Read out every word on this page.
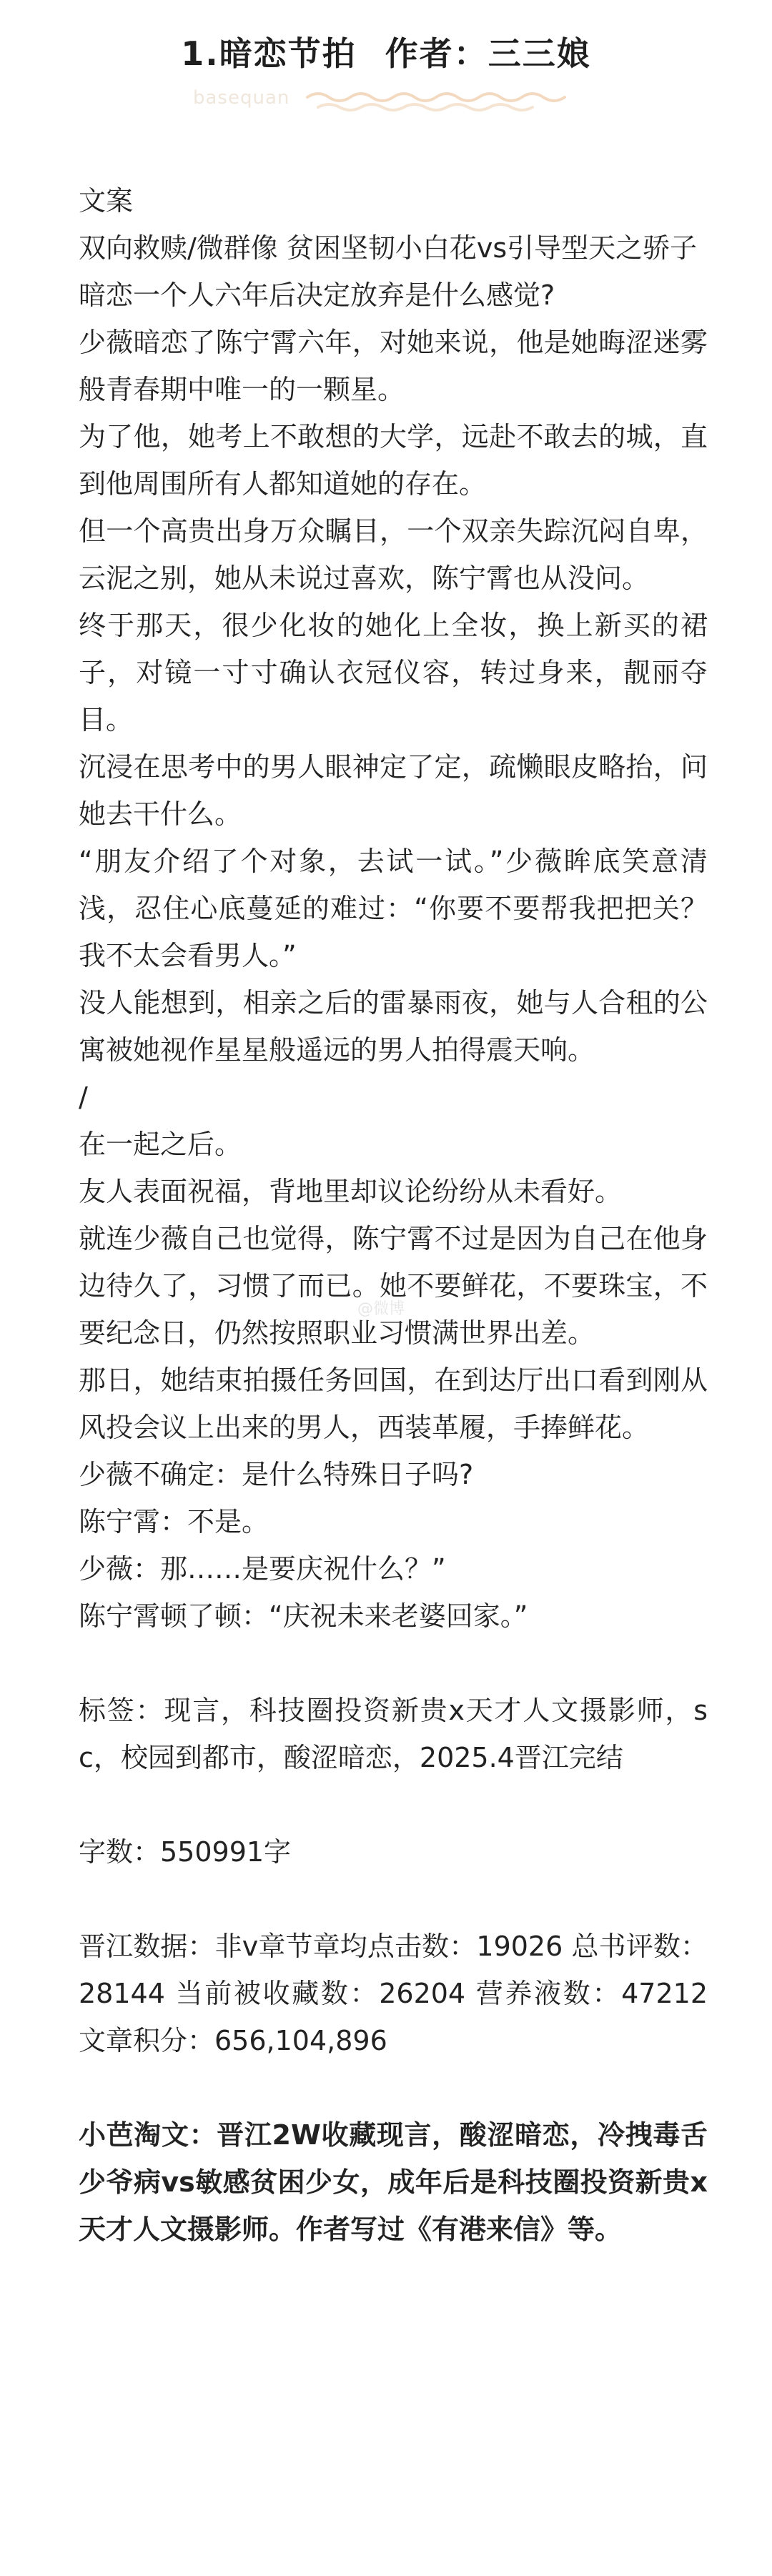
1.暗恋节拍 作者：三三娘
basequan
@微博

文案

双向救赎/微群像 贫困坚韧小白花vs引导型天之骄子

暗恋一个人六年后决定放弃是什么感觉?

少薇暗恋了陈宁霄六年，对她来说，他是她晦涩迷雾般青春期中唯一的一颗星。

为了他，她考上不敢想的大学，远赴不敢去的城，直到他周围所有人都知道她的存在。

但一个高贵出身万众瞩目，一个双亲失踪沉闷自卑，云泥之别，她从未说过喜欢，陈宁霄也从没问。

终于那天，很少化妆的她化上全妆，换上新买的裙子，对镜一寸寸确认衣冠仪容，转过身来，靓丽夺目。

沉浸在思考中的男人眼神定了定，疏懒眼皮略抬，问她去干什么。

“朋友介绍了个对象，去试一试。”少薇眸底笑意清浅，忍住心底蔓延的难过：“你要不要帮我把把关？我不太会看男人。”

没人能想到，相亲之后的雷暴雨夜，她与人合租的公寓被她视作星星般遥远的男人拍得震天响。

/

在一起之后。

友人表面祝福，背地里却议论纷纷从未看好。

就连少薇自己也觉得，陈宁霄不过是因为自己在他身边待久了，习惯了而已。她不要鲜花，不要珠宝，不要纪念日，仍然按照职业习惯满世界出差。

那日，她结束拍摄任务回国，在到达厅出口看到刚从风投会议上出来的男人，西装革履，手捧鲜花。

少薇不确定：是什么特殊日子吗?

陈宁霄：不是。

少薇：那……是要庆祝什么？”

陈宁霄顿了顿：“庆祝未来老婆回家。”

标签：现言，科技圈投资新贵x天才人文摄影师，sc，校园到都市，酸涩暗恋，2025.4晋江完结

字数：550991字

晋江数据：非v章节章均点击数：19026 总书评数：28144 当前被收藏数：26204 营养液数：47212 文章积分：656,104,896

小芭淘文：晋江2W收藏现言，酸涩暗恋，冷拽毒舌少爷病vs敏感贫困少女，成年后是科技圈投资新贵x天才人文摄影师。作者写过《有港来信》等。
